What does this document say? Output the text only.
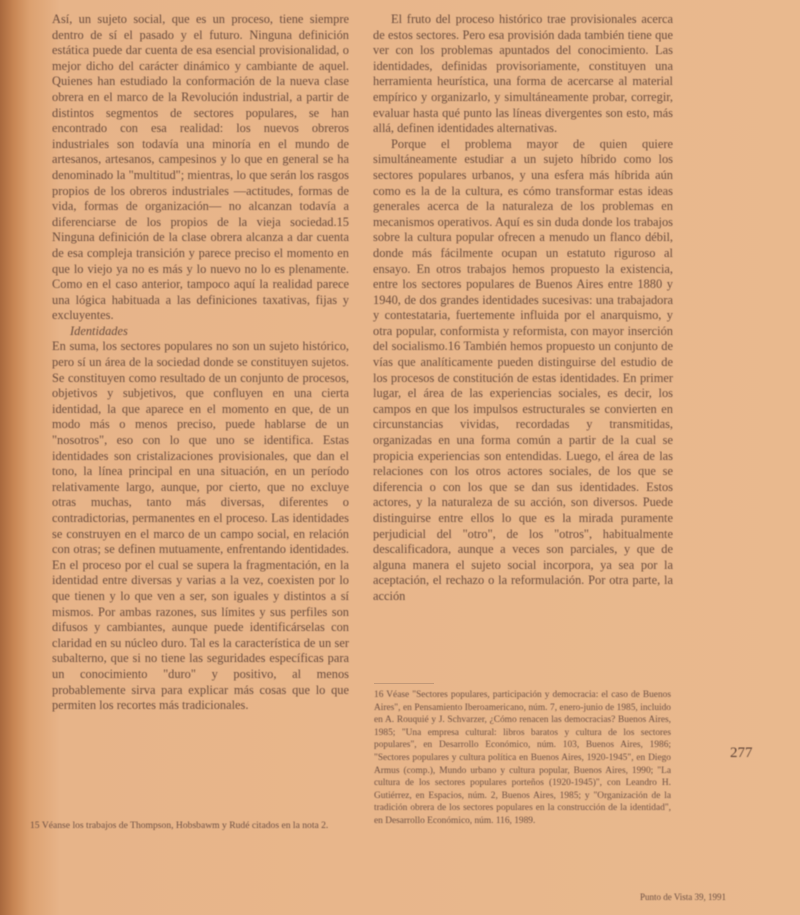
Así, un sujeto social, que es un proceso, tiene siempre dentro de sí el pasado y el futuro. Ninguna definición estática puede dar cuenta de esa esencial provisionalidad, o mejor dicho del carácter dinámico y cambiante de aquel. Quienes han estudiado la conformación de la nueva clase obrera en el marco de la Revolución industrial, a partir de distintos segmentos de sectores populares, se han encontrado con esa realidad: los nuevos obreros industriales son todavía una minoría en el mundo de artesanos, artesanos, campesinos y lo que en general se ha denominado la "multitud"; mientras, lo que serán los rasgos propios de los obreros industriales —actitudes, formas de vida, formas de organización— no alcanzan todavía a diferenciarse de los propios de la vieja sociedad.15 Ninguna definición de la clase obrera alcanza a dar cuenta de esa compleja transición y parece preciso el momento en que lo viejo ya no es más y lo nuevo no lo es plenamente. Como en el caso anterior, tampoco aquí la realidad parece una lógica habituada a las definiciones taxativas, fijas y excluyentes.

Identidades

En suma, los sectores populares no son un sujeto histórico, pero sí un área de la sociedad donde se constituyen sujetos. Se constituyen como resultado de un conjunto de procesos, objetivos y subjetivos, que confluyen en una cierta identidad, la que aparece en el momento en que, de un modo más o menos preciso, puede hablarse de un "nosotros", eso con lo que uno se identifica. Estas identidades son cristalizaciones provisionales, que dan el tono, la línea principal en una situación, en un período relativamente largo, aunque, por cierto, que no excluye otras muchas, tanto más diversas, diferentes o contradictorias, permanentes en el proceso. Las identidades se construyen en el marco de un campo social, en relación con otras; se definen mutuamente, enfrentando identidades. En el proceso por el cual se supera la fragmentación, en la identidad entre diversas y varias a la vez, coexisten por lo que tienen y lo que ven a ser, son iguales y distintos a sí mismos. Por ambas razones, sus límites y sus perfiles son difusos y cambiantes, aunque puede identificárselas con claridad en su núcleo duro. Tal es la característica de un ser subalterno, que si no tiene las seguridades específicas para un conocimiento "duro" y positivo, al menos probablemente sirva para explicar más cosas que lo que permiten los recortes más tradicionales.

El fruto del proceso histórico trae provisionales acerca de estos sectores. Pero esa provisión dada también tiene que ver con los problemas apuntados del conocimiento. Las identidades, definidas provisoriamente, constituyen una herramienta heurística, una forma de acercarse al material empírico y organizarlo, y simultáneamente probar, corregir, evaluar hasta qué punto las líneas divergentes son esto, más allá, definen identidades alternativas.

Porque el problema mayor de quien quiere simultáneamente estudiar a un sujeto híbrido como los sectores populares urbanos, y una esfera más híbrida aún como es la de la cultura, es cómo transformar estas ideas generales acerca de la naturaleza de los problemas en mecanismos operativos. Aquí es sin duda donde los trabajos sobre la cultura popular ofrecen a menudo un flanco débil, donde más fácilmente ocupan un estatuto riguroso al ensayo. En otros trabajos hemos propuesto la existencia, entre los sectores populares de Buenos Aires entre 1880 y 1940, de dos grandes identidades sucesivas: una trabajadora y contestataria, fuertemente influida por el anarquismo, y otra popular, conformista y reformista, con mayor inserción del socialismo.16 También hemos propuesto un conjunto de vías que analíticamente pueden distinguirse del estudio de los procesos de constitución de estas identidades. En primer lugar, el área de las experiencias sociales, es decir, los campos en que los impulsos estructurales se convierten en circunstancias vividas, recordadas y transmitidas, organizadas en una forma común a partir de la cual se propicia experiencias son entendidas. Luego, el área de las relaciones con los otros actores sociales, de los que se diferencia o con los que se dan sus identidades. Estos actores, y la naturaleza de su acción, son diversos. Puede distinguirse entre ellos lo que es la mirada puramente perjudicial del "otro", de los "otros", habitualmente descalificadora, aunque a veces son parciales, y que de alguna manera el sujeto social incorpora, ya sea por la aceptación, el rechazo o la reformulación. Por otra parte, la acción

16 Véase "Sectores populares, participación y democracia: el caso de Buenos Aires", en Pensamiento Iberoamericano, núm. 7, enero-junio de 1985, incluido en A. Rouquié y J. Schvarzer, ¿Cómo renacen las democracias? Buenos Aires, 1985; "Una empresa cultural: libros baratos y cultura de los sectores populares", en Desarrollo Económico, núm. 103, Buenos Aires, 1986; "Sectores populares y cultura política en Buenos Aires, 1920-1945", en Diego Armus (comp.), Mundo urbano y cultura popular, Buenos Aires, 1990; "La cultura de los sectores populares porteños (1920-1945)", con Leandro H. Gutiérrez, en Espacios, núm. 2, Buenos Aires, 1985; y "Organización de la tradición obrera de los sectores populares en la construcción de la identidad", en Desarrollo Económico, núm. 116, 1989.
15 Véanse los trabajos de Thompson, Hobsbawm y Rudé citados en la nota 2.
277
Punto de Vista 39, 1991
